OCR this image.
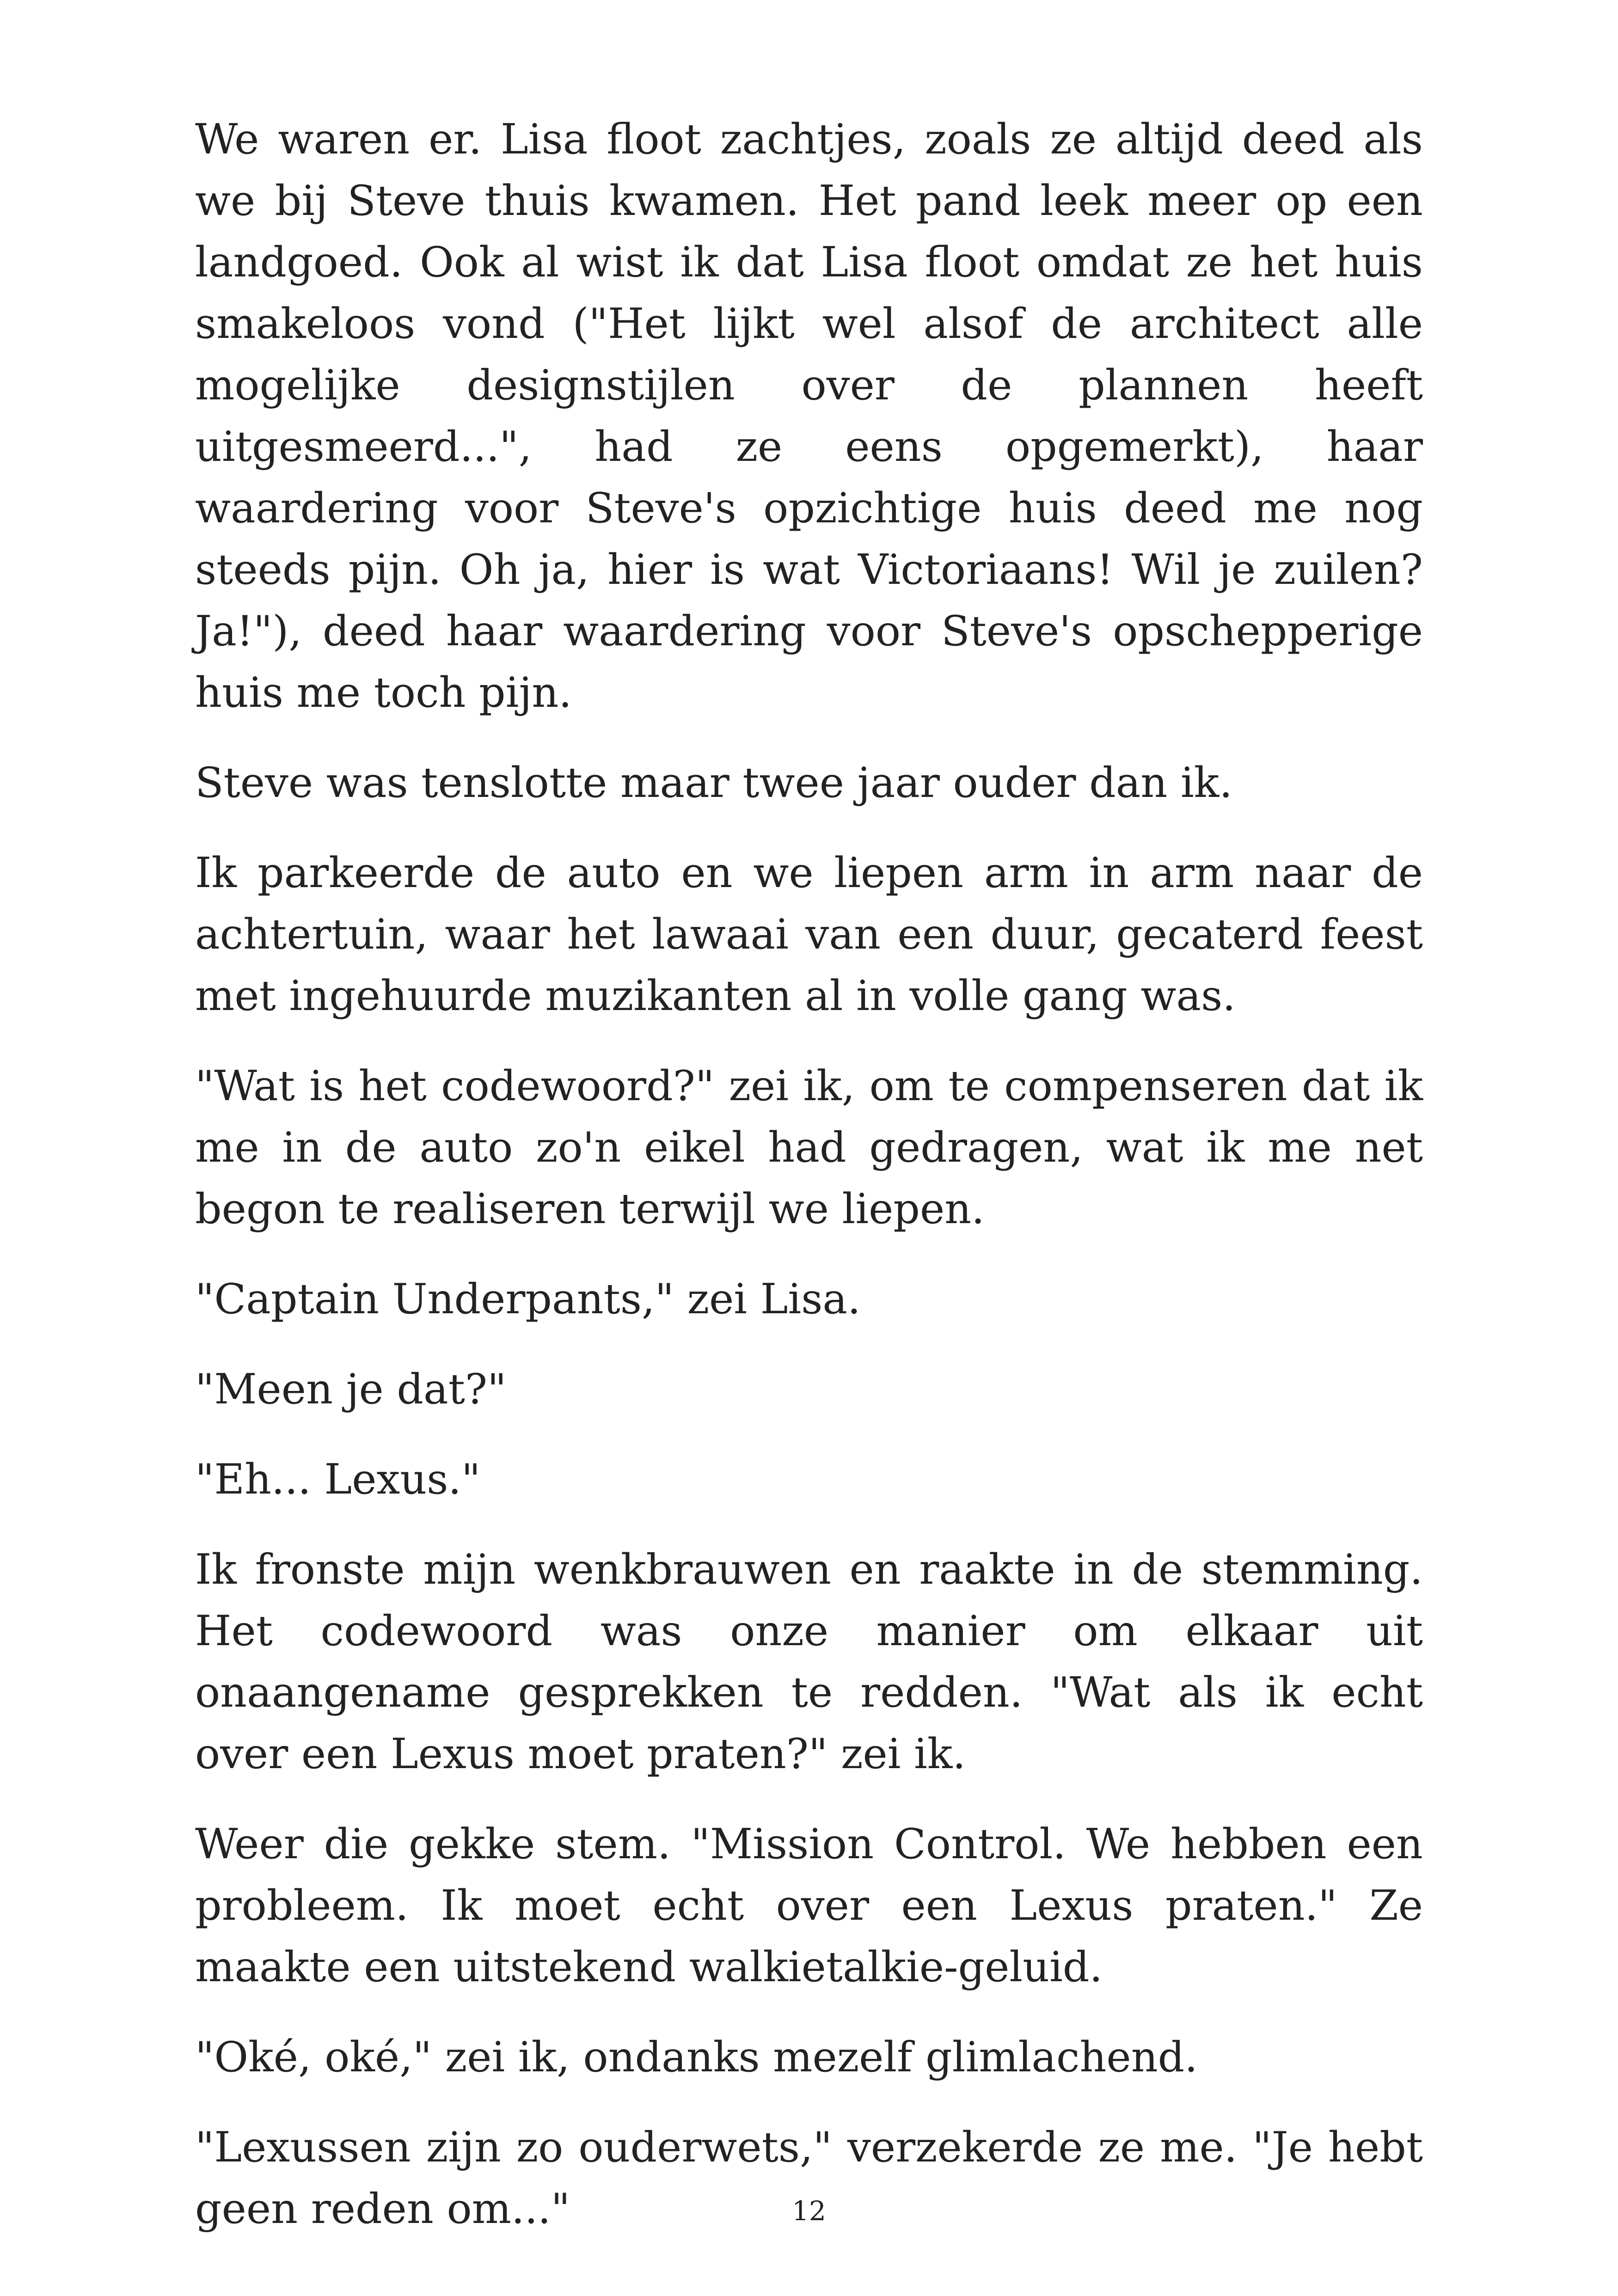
We waren er. Lisa floot zachtjes, zoals ze altijd deed als we bij Steve thuis kwamen. Het pand leek meer op een landgoed. Ook al wist ik dat Lisa floot omdat ze het huis smakeloos vond ("Het lijkt wel alsof de architect alle mogelijke designstijlen over de plannen heeft uitgesmeerd...", had ze eens opgemerkt), haar waardering voor Steve's opzichtige huis deed me nog steeds pijn. Oh ja, hier is wat Victoriaans! Wil je zuilen? Ja!"), deed haar waardering voor Steve's opschepperige huis me toch pijn.

Steve was tenslotte maar twee jaar ouder dan ik.

Ik parkeerde de auto en we liepen arm in arm naar de achtertuin, waar het lawaai van een duur, gecaterd feest met ingehuurde muzikanten al in volle gang was.

"Wat is het codewoord?" zei ik, om te compenseren dat ik me in de auto zo'n eikel had gedragen, wat ik me net begon te realiseren terwijl we liepen.

"Captain Underpants," zei Lisa.

"Meen je dat?"

"Eh... Lexus."

Ik fronste mijn wenkbrauwen en raakte in de stemming. Het codewoord was onze manier om elkaar uit onaangename gesprekken te redden. "Wat als ik echt over een Lexus moet praten?" zei ik.

Weer die gekke stem. "Mission Control. We hebben een probleem. Ik moet echt over een Lexus praten." Ze maakte een uitstekend walkietalkie-geluid.

"Oké, oké," zei ik, ondanks mezelf glimlachend.

"Lexussen zijn zo ouderwets," verzekerde ze me. "Je hebt geen reden om..."	12
